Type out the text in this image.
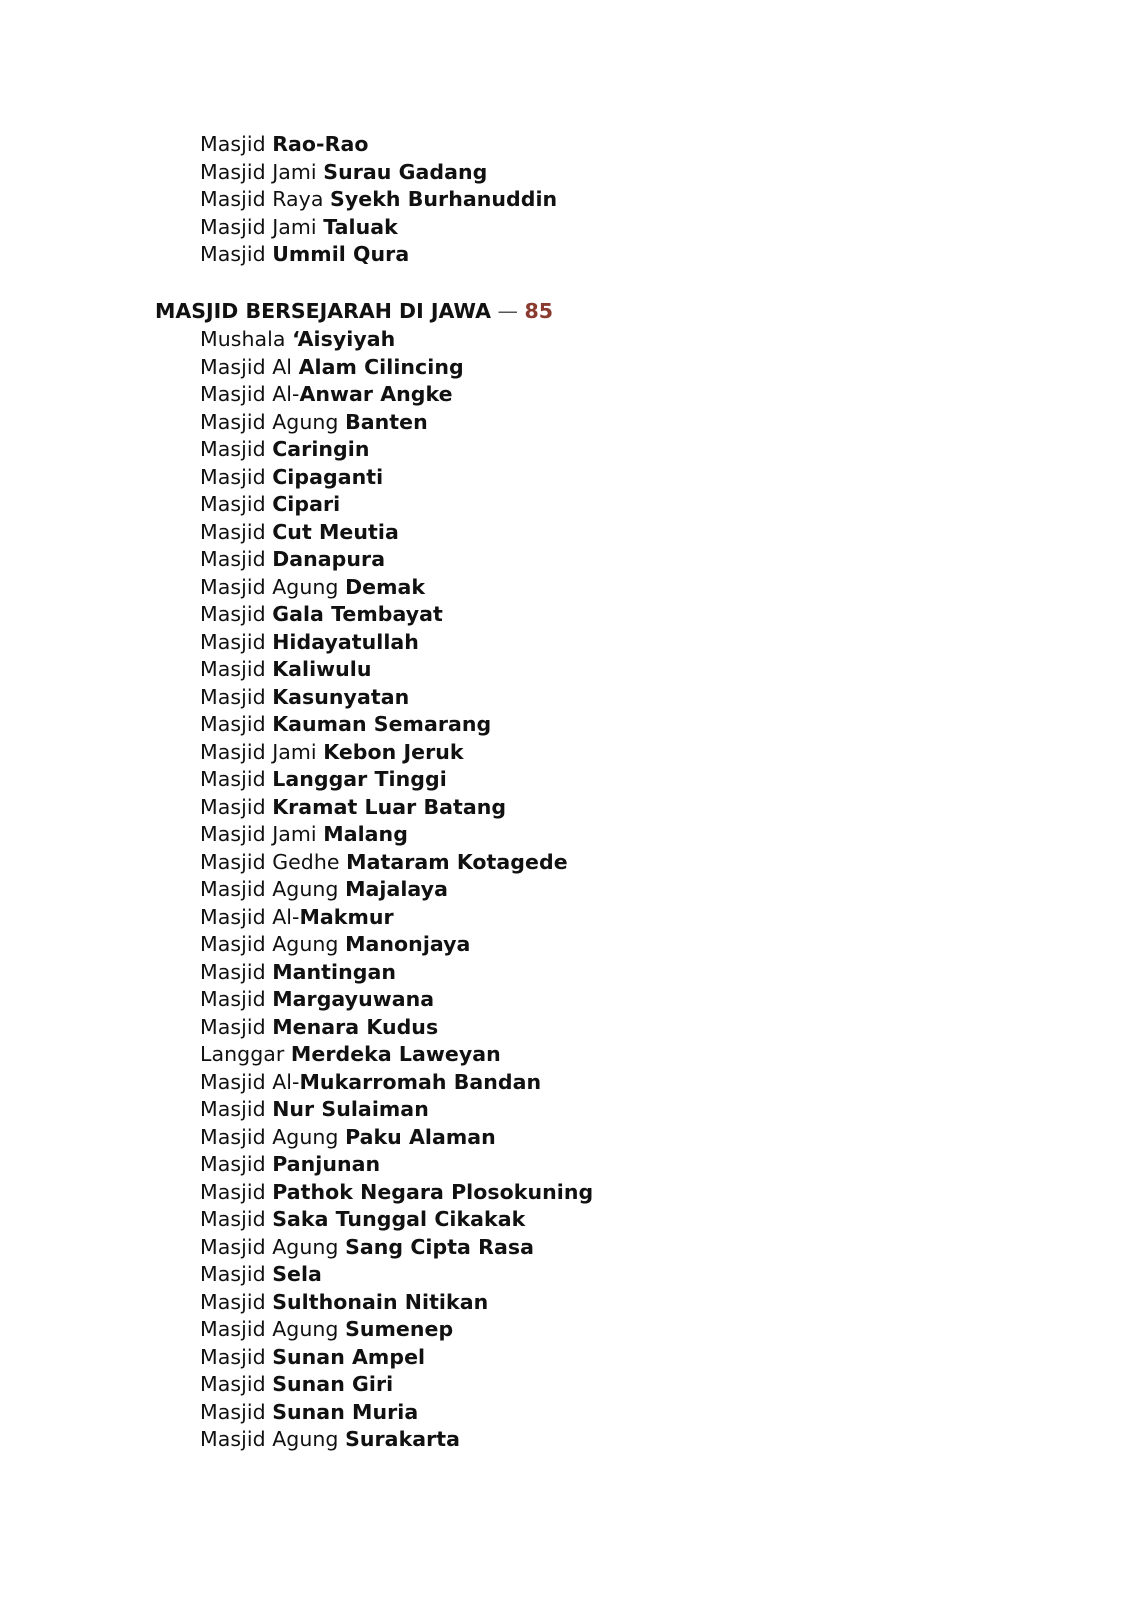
Masjid Rao-Rao
Masjid Jami Surau Gadang
Masjid Raya Syekh Burhanuddin
Masjid Jami Taluak
Masjid Ummil Qura
MASJID BERSEJARAH DI JAWA — 85
Mushala ‘Aisyiyah
Masjid Al Alam Cilincing
Masjid Al-Anwar Angke
Masjid Agung Banten
Masjid Caringin
Masjid Cipaganti
Masjid Cipari
Masjid Cut Meutia
Masjid Danapura
Masjid Agung Demak
Masjid Gala Tembayat
Masjid Hidayatullah
Masjid Kaliwulu
Masjid Kasunyatan
Masjid Kauman Semarang
Masjid Jami Kebon Jeruk
Masjid Langgar Tinggi
Masjid Kramat Luar Batang
Masjid Jami Malang
Masjid Gedhe Mataram Kotagede
Masjid Agung Majalaya
Masjid Al-Makmur
Masjid Agung Manonjaya
Masjid Mantingan
Masjid Margayuwana
Masjid Menara Kudus
Langgar Merdeka Laweyan
Masjid Al-Mukarromah Bandan
Masjid Nur Sulaiman
Masjid Agung Paku Alaman
Masjid Panjunan
Masjid Pathok Negara Plosokuning
Masjid Saka Tunggal Cikakak
Masjid Agung Sang Cipta Rasa
Masjid Sela
Masjid Sulthonain Nitikan
Masjid Agung Sumenep
Masjid Sunan Ampel
Masjid Sunan Giri
Masjid Sunan Muria
Masjid Agung Surakarta
